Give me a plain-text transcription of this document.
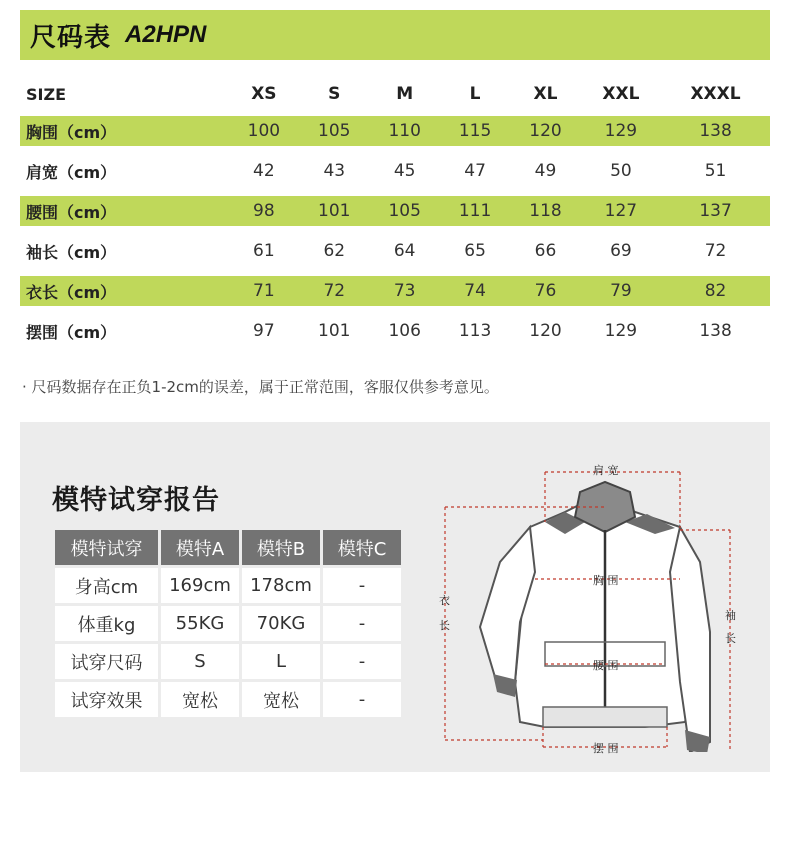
尺码表 A2HPN
SIZE	XS	S	M	L	XL	XXL	XXXL
胸围（cm）	100	105	110	115	120	129	138
肩宽（cm）	42	43	45	47	49	50	51
腰围（cm）	98	101	105	111	118	127	137
袖长（cm）	61	62	64	65	66	69	72
衣长（cm）	71	72	73	74	76	79	82
摆围（cm）	97	101	106	113	120	129	138
· 尺码数据存在正负1-2cm的误差，属于正常范围，客服仅供参考意见。
模特试穿报告
模特试穿	模特A	模特B	模特C
身高cm	169cm	178cm	-
体重kg	55KG	70KG	-
试穿尺码	S	L	-
试穿效果	宽松	宽松	-
肩 宽
胸 围
腰 围
摆 围
衣
长
袖
长
